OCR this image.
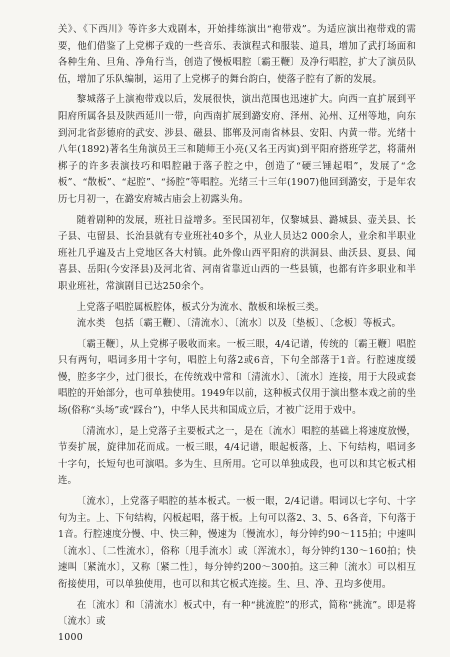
关》、《下西川》等许多大戏剧本，开始排练演出“袍带戏”。为适应演出袍带戏的需要，他们借鉴了上党梆子戏的一些音乐、表演程式和服装、道具，增加了武打场面和各种生角、旦角、净角行当，创造了慢板唱腔〔霸王鞭〕及净行唱腔，扩大了演员队伍，增加了乐队编制，运用了上党梆子的舞台韵白，使落子腔有了新的发展。

黎城落子上演袍带戏以后，发展很快，演出范围也迅速扩大。向西一直扩展到平阳府所属各县及陕西延川一带，向西南扩展到潞安府、泽州、沁州、辽州等地，向东到河北省彭德府的武安、涉县、磁县、邯郸及河南省林县、安阳、内黄一带。光绪十八年(1892)著名生角演员王三和随师王小亮(又名王丙寅)到平阳府搭班学艺，将蒲州梆子的许多表演技巧和唱腔融于落子腔之中，创造了“硬三锤起唱”，发展了“念板”、“散板”、“起腔”、“扬腔”等唱腔。光绪三十三年(1907)他回到潞安，于是年农历七月初一，在潞安府城古庙会上初露头角。

随着剧种的发展，班社日益增多。至民国初年，仅黎城县、潞城县、壶关县、长子县、屯留县、长治县就有专业班社40多个，从业人员达2 000余人，业余和半职业班社几乎遍及古上党地区各大村镇。此外像山西平阳府的洪洞县、曲沃县、夏县、闻喜县、岳阳(今安泽县)及河北省、河南省靠近山西的一些县镇，也都有许多职业和半职业班社，常演剧目已达250余个。

上党落子唱腔属板腔体，板式分为流水、散板和垛板三类。

流水类　包括〔霸王鞭〕、〔清流水〕、〔流水〕以及〔垫板〕、〔念板〕等板式。

〔霸王鞭〕，从上党梆子吸收而来。一板三眼，4/4记谱，传统的〔霸王鞭〕唱腔只有两句，唱词多用十字句，唱腔上句落2或6音，下句全部落于1音。行腔速度缓慢，腔多字少，过门很长，在传统戏中常和〔清流水〕、〔流水〕连接，用于大段或套唱腔的开始部分，也可单独使用。1949年以前，这种板式仅用于演出整本戏之前的坐场(俗称“头场”或“踩台”)，中华人民共和国成立后，才被广泛用于戏中。

〔清流水〕，是上党落子主要板式之一，是在〔流水〕唱腔的基础上将速度放慢，节奏扩展，旋律加花而成。一板三眼，4/4记谱，眼起板落，上、下句结构，唱词多十字句，长短句也可演唱。多为生、旦所用。它可以单独成段，也可以和其它板式相连。

〔流水〕，上党落子唱腔的基本板式。一板一眼，2/4记谱。唱词以七字句、十字句为主。上、下句结构，闪板起唱，落于板。上句可以落2、3、5、6各音，下句落于1音。行腔速度分慢、中、快三种，慢速为〔慢流水〕，每分钟约90～115拍；中速叫〔流水〕、〔二性流水〕，俗称〔甩手流水〕或〔浑流水〕，每分钟约130～160拍；快速叫〔紧流水〕，又称〔紧二性〕，每分钟约200～300拍。这三种〔流水〕可以相互衔接使用，可以单独使用，也可以和其它板式连接。生、旦、净、丑均多使用。

在〔流水〕和〔清流水〕板式中，有一种“挑流腔”的形式，简称“挑流”。即是将〔流水〕或

1000
